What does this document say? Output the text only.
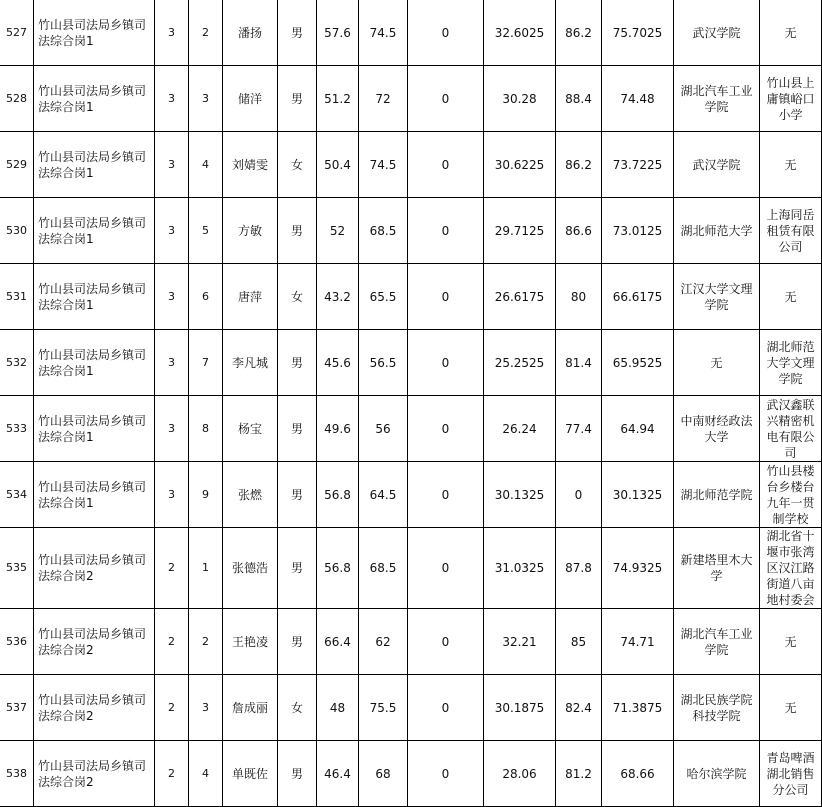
527	竹山县司法局乡镇司法综合岗1	3	2	潘扬	男	57.6	74.5	0	32.6025	86.2	75.7025	武汉学院	无
528	竹山县司法局乡镇司法综合岗1	3	3	储洋	男	51.2	72	0	30.28	88.4	74.48	湖北汽车工业学院	竹山县上庸镇峪口小学
529	竹山县司法局乡镇司法综合岗1	3	4	刘婧雯	女	50.4	74.5	0	30.6225	86.2	73.7225	武汉学院	无
530	竹山县司法局乡镇司法综合岗1	3	5	方敏	男	52	68.5	0	29.7125	86.6	73.0125	湖北师范大学	上海同岳租赁有限公司
531	竹山县司法局乡镇司法综合岗1	3	6	唐萍	女	43.2	65.5	0	26.6175	80	66.6175	江汉大学文理学院	无
532	竹山县司法局乡镇司法综合岗1	3	7	李凡城	男	45.6	56.5	0	25.2525	81.4	65.9525	无	湖北师范大学文理学院
533	竹山县司法局乡镇司法综合岗1	3	8	杨宝	男	49.6	56	0	26.24	77.4	64.94	中南财经政法大学	武汉鑫联兴精密机电有限公司
534	竹山县司法局乡镇司法综合岗1	3	9	张燃	男	56.8	64.5	0	30.1325	0	30.1325	湖北师范学院	竹山县楼台乡楼台九年一贯制学校
535	竹山县司法局乡镇司法综合岗2	2	1	张德浩	男	56.8	68.5	0	31.0325	87.8	74.9325	新建塔里木大学	湖北省十堰市张湾区汉江路街道八亩地村委会
536	竹山县司法局乡镇司法综合岗2	2	2	王艳凌	男	66.4	62	0	32.21	85	74.71	湖北汽车工业学院	无
537	竹山县司法局乡镇司法综合岗2	2	3	詹成丽	女	48	75.5	0	30.1875	82.4	71.3875	湖北民族学院科技学院	无
538	竹山县司法局乡镇司法综合岗2	2	4	单既佐	男	46.4	68	0	28.06	81.2	68.66	哈尔滨学院	青岛啤酒湖北销售分公司
